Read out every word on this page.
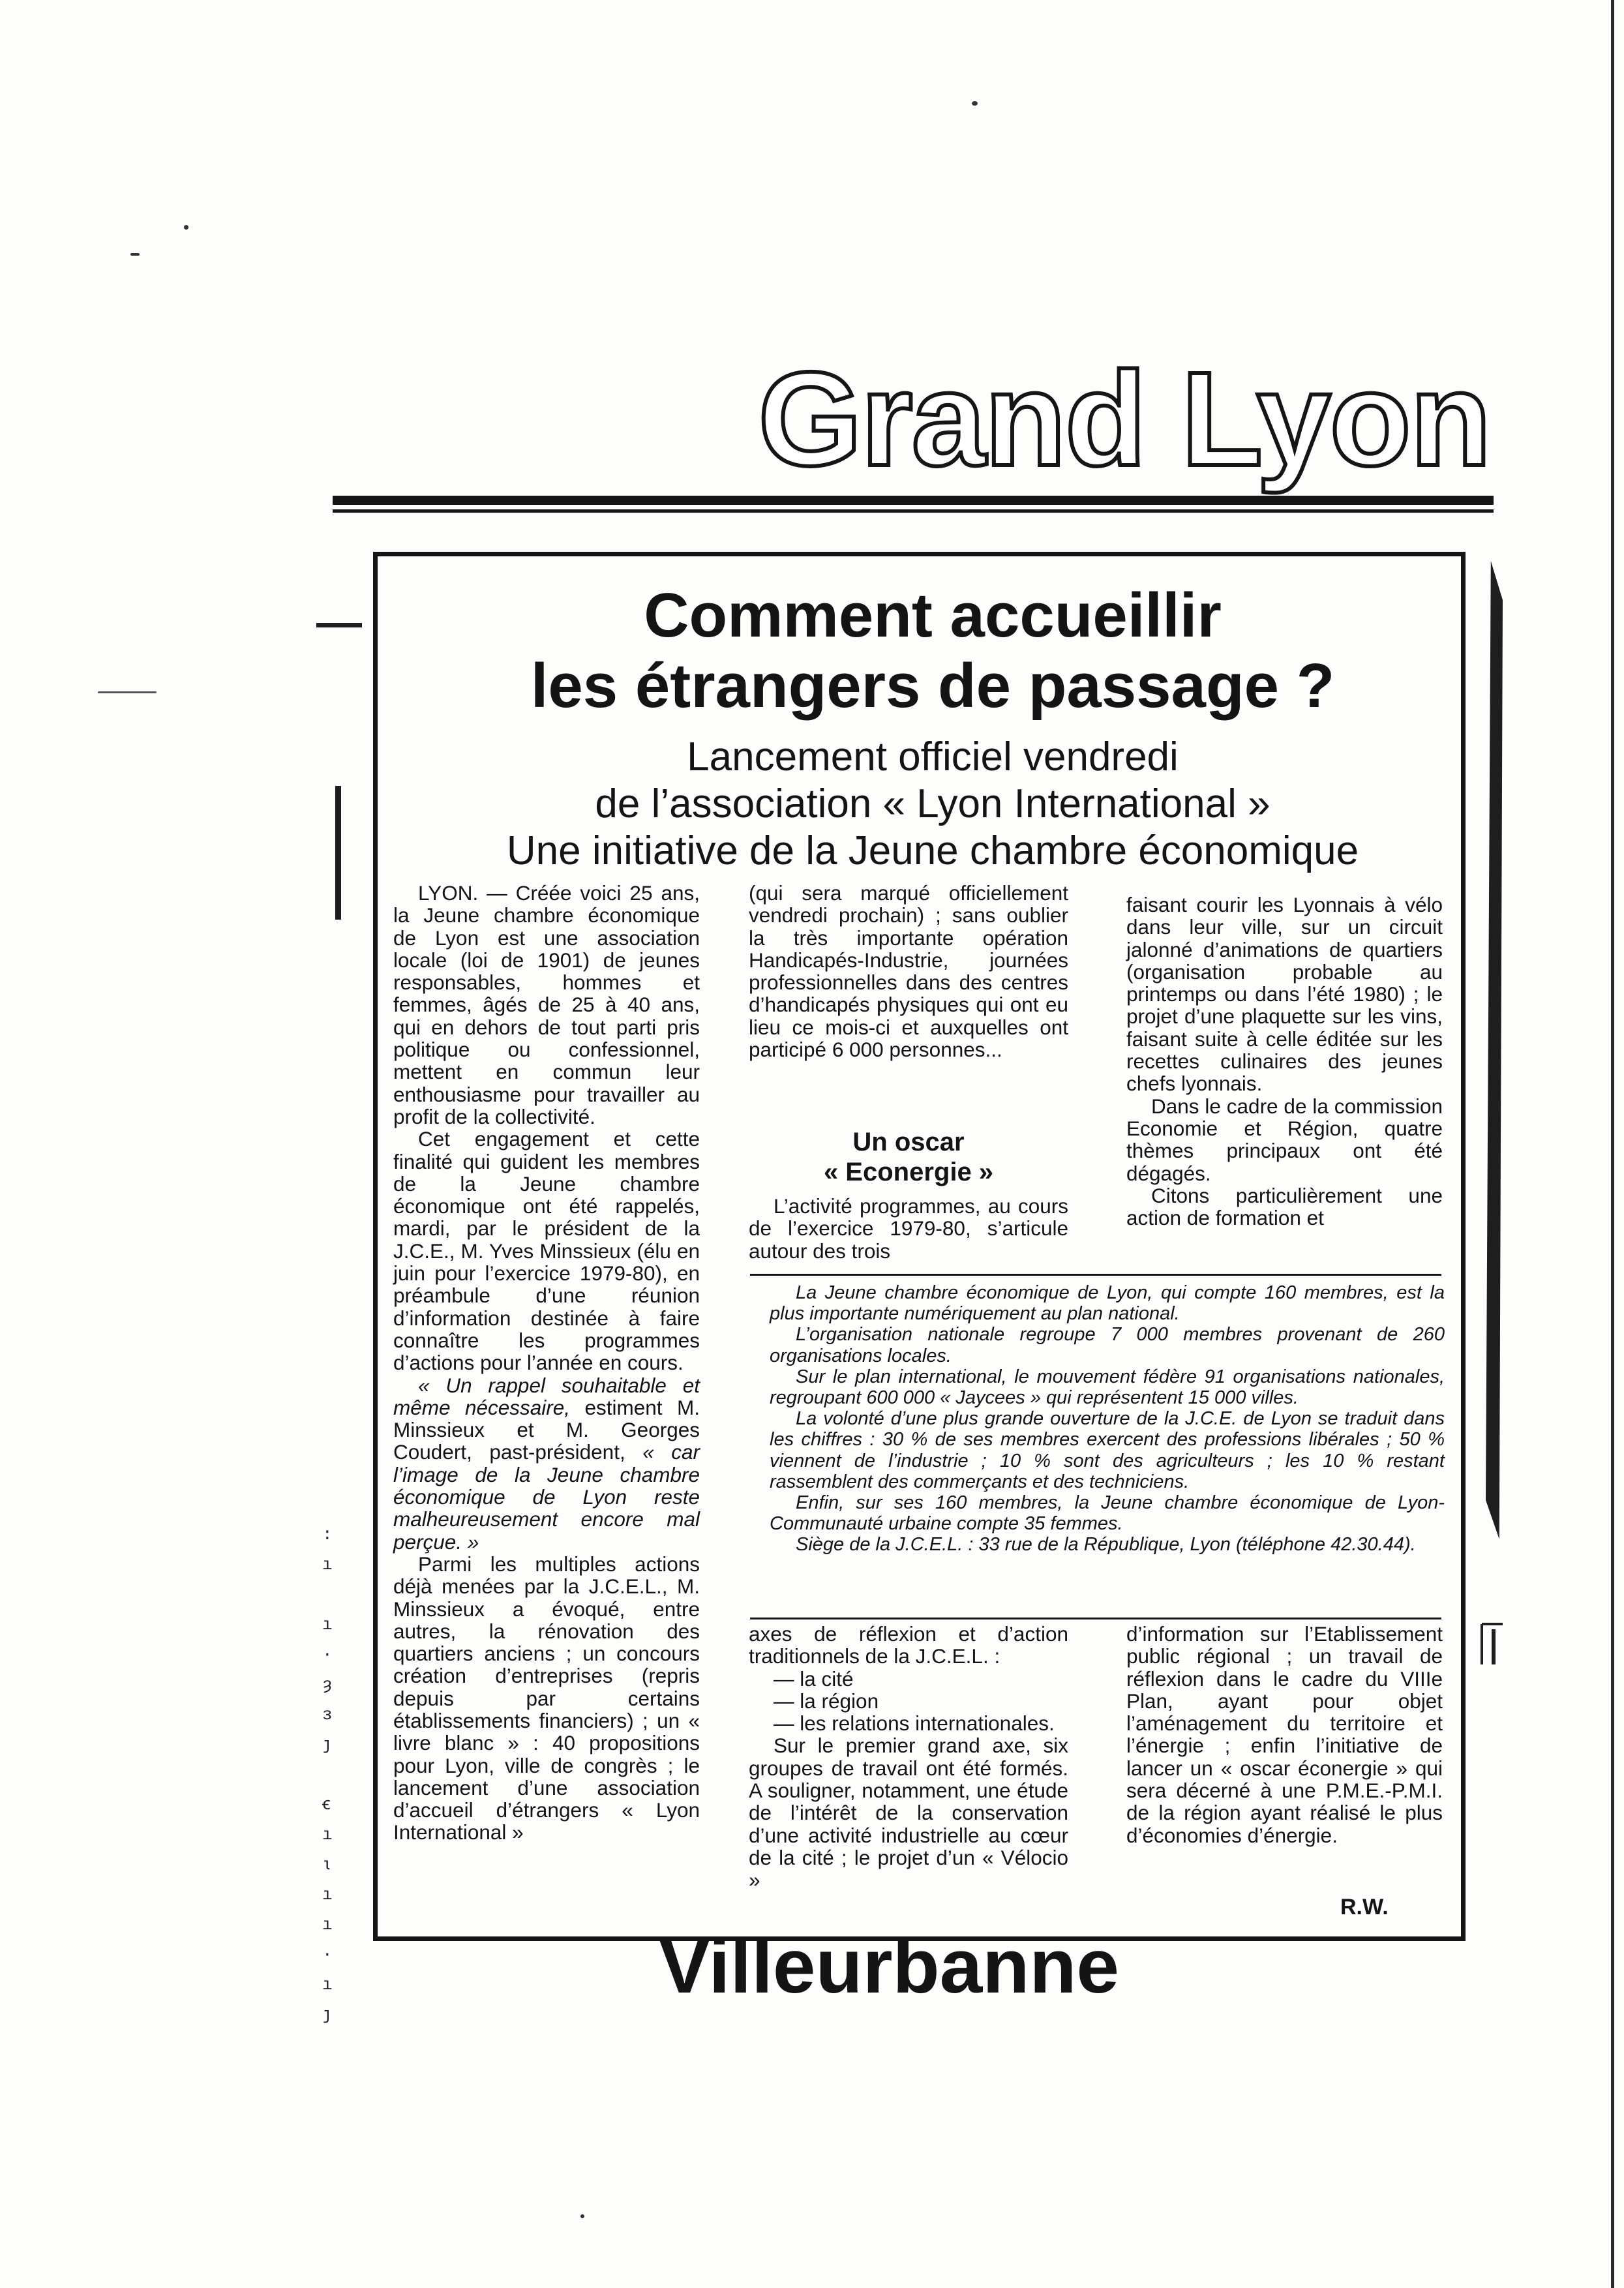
Grand Lyon
:
ı

ı
·
ȝ
з
ȷ

ꞓ
ı
ɩ
ı
ı
·
ı
ȷ
Comment accueillir
les étrangers de passage ?
Lancement officiel vendredi
de l’association « Lyon International »
Une initiative de la Jeune chambre économique

LYON. — Créée voici 25 ans, la Jeune chambre économique de Lyon est une association locale (loi de 1901) de jeunes responsables, hommes et femmes, âgés de 25 à 40 ans, qui en dehors de tout parti pris politique ou confessionnel, mettent en commun leur enthousiasme pour travailler au profit de la collectivité.

Cet engagement et cette finalité qui guident les membres de la Jeune chambre économique ont été rappelés, mardi, par le président de la J.C.E., M. Yves Minssieux (élu en juin pour l’exercice 1979-80), en préambule d’une réunion d’information destinée à faire connaître les programmes d’actions pour l’année en cours.

« Un rappel souhaitable et même nécessaire, estiment M. Minssieux et M. Georges Coudert, past-président, « car l’image de la Jeune chambre économique de Lyon reste malheureusement encore mal perçue. »

Parmi les multiples actions déjà menées par la J.C.E.L., M. Minssieux a évoqué, entre autres, la rénovation des quartiers anciens ; un concours création d’entreprises (repris depuis par certains établissements financiers) ; un « livre blanc » : 40 propositions pour Lyon, ville de congrès ; le lancement d’une association d’accueil d’étrangers « Lyon International »

(qui sera marqué officiellement vendredi prochain) ; sans oublier la très importante opération Handicapés-Industrie, journées professionnelles dans des centres d’handicapés physiques qui ont eu lieu ce mois-ci et auxquelles ont participé 6 000 personnes...

Un oscar
« Econergie »

L’activité programmes, au cours de l’exercice 1979-80, s’articule autour des trois

faisant courir les Lyonnais à vélo dans leur ville, sur un circuit jalonné d’animations de quartiers (organisation probable au printemps ou dans l’été 1980) ; le projet d’une plaquette sur les vins, faisant suite à celle éditée sur les recettes culinaires des jeunes chefs lyonnais.

Dans le cadre de la commission Economie et Région, quatre thèmes principaux ont été dégagés.

Citons particulièrement une action de formation et

La Jeune chambre économique de Lyon, qui compte 160 membres, est la plus importante numériquement au plan national.

L’organisation nationale regroupe 7 000 membres provenant de 260 organisations locales.

Sur le plan international, le mouvement fédère 91 organisations nationales, regroupant 600 000 « Jaycees » qui représentent 15 000 villes.

La volonté d’une plus grande ouverture de la J.C.E. de Lyon se traduit dans les chiffres : 30 % de ses membres exercent des professions libérales ; 50 % viennent de l’industrie ; 10 % sont des agriculteurs ; les 10 % restant rassemblent des commerçants et des techniciens.

Enfin, sur ses 160 membres, la Jeune chambre économique de Lyon-Communauté urbaine compte 35 femmes.

Siège de la J.C.E.L. : 33 rue de la République, Lyon (téléphone 42.30.44).

axes de réflexion et d’action traditionnels de la J.C.E.L. :

— la cité

— la région

— les relations internationales.

Sur le premier grand axe, six groupes de travail ont été formés. A souligner, notamment, une étude de l’intérêt de la conservation d’une activité industrielle au cœur de la cité ; le projet d’un « Vélocio »

d’information sur l’Etablissement public régional ; un travail de réflexion dans le cadre du VIIIe Plan, ayant pour objet l’aménagement du territoire et l’énergie ; enfin l’initiative de lancer un « oscar éconergie » qui sera décerné à une P.M.E.-P.M.I. de la région ayant réalisé le plus d’économies d’énergie.

R.W.
Villeurbanne
